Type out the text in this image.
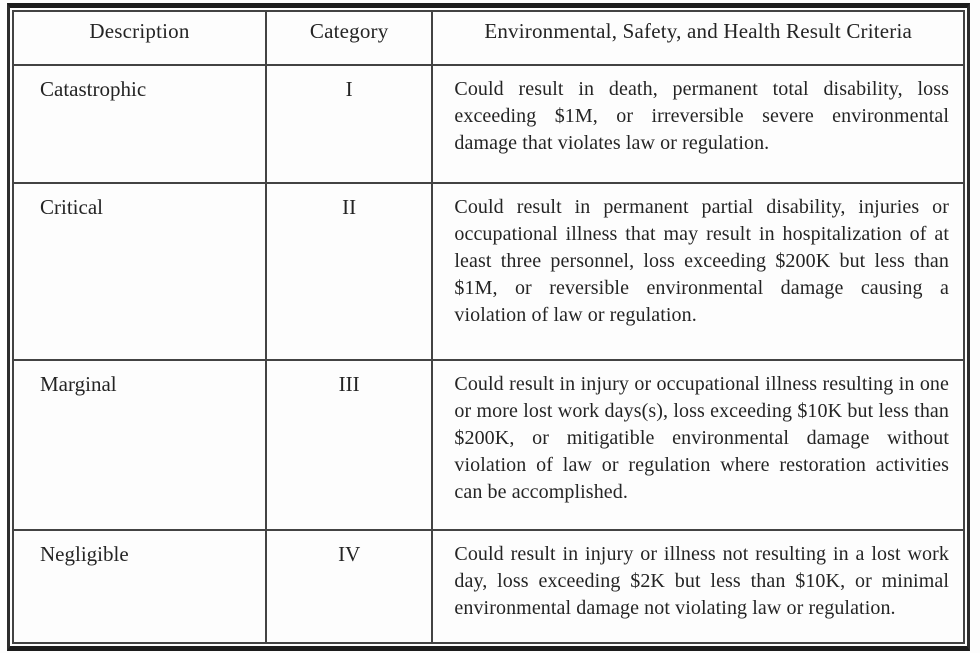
Description	Category	Environmental, Safety, and Health Result Criteria
Catastrophic	I	Could result in death, permanent total disability, loss exceeding $1M, or irreversible severe environmental damage that violates law or regulation.
Critical	II	Could result in permanent partial disability, injuries or occupational illness that may result in hospitalization of at least three personnel, loss exceeding $200K but less than $1M, or reversible environmental damage causing a violation of law or regulation.
Marginal	III	Could result in injury or occupational illness resulting in one or more lost work days(s), loss exceeding $10K but less than $200K, or mitigatible environmental damage without violation of law or regulation where restoration activities can be accomplished.
Negligible	IV	Could result in injury or illness not resulting in a lost work day, loss exceeding $2K but less than $10K, or minimal environmental damage not violating law or regulation.
